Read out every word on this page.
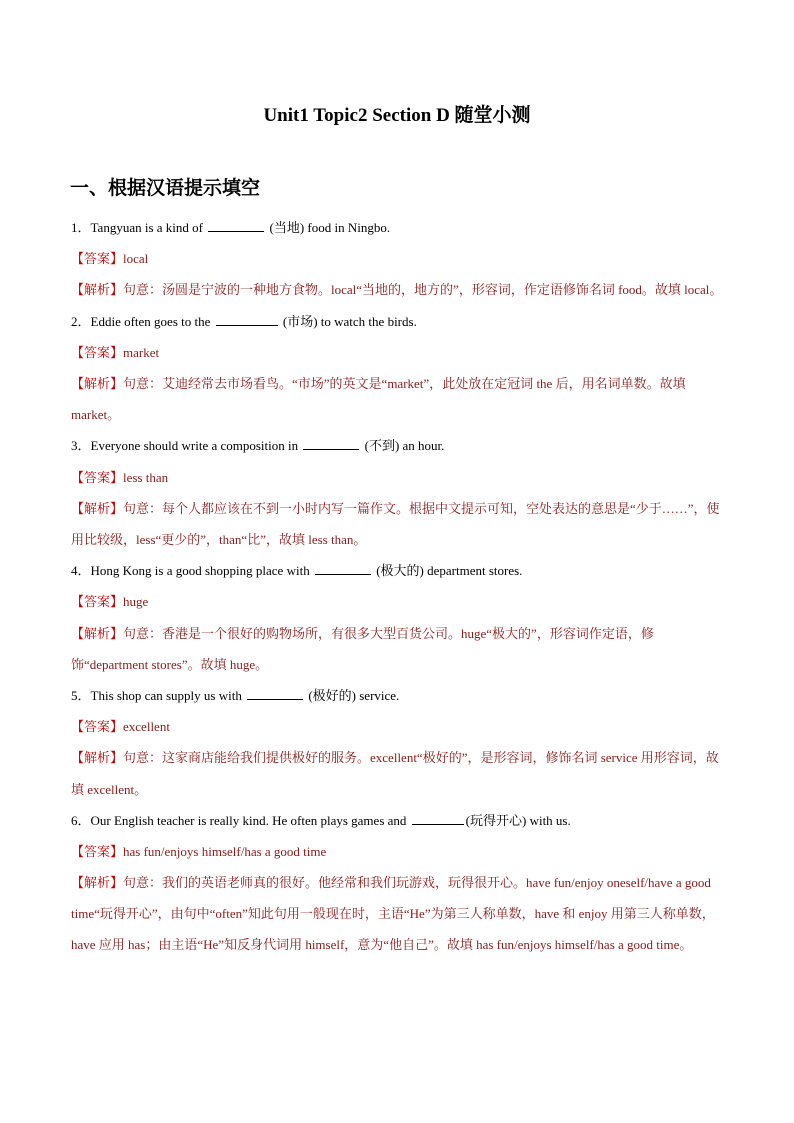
Unit1 Topic2 Section D 随堂小测
一、根据汉语提示填空
1．Tangyuan is a kind of	(当地) food in Ningbo.
【答案】local
【解析】句意：汤圆是宁波的一种地方食物。local“当地的，地方的”，形容词，作定语修饰名词 food。故填 local。
2．Eddie often goes to the	(市场) to watch the birds.
【答案】market
【解析】句意：艾迪经常去市场看鸟。“市场”的英文是“market”，此处放在定冠词 the 后，用名词单数。故填 market。
3．Everyone should write a composition in	(不到) an hour.
【答案】less than
【解析】句意：每个人都应该在不到一小时内写一篇作文。根据中文提示可知，空处表达的意思是“少于……”，使用比较级，less“更少的”，than“比”，故填 less than。
4．Hong Kong is a good shopping place with	(极大的) department stores.
【答案】huge
【解析】句意：香港是一个很好的购物场所，有很多大型百货公司。huge“极大的”，形容词作定语，修饰“department stores”。故填 huge。
5．This shop can supply us with	(极好的) service.
【答案】excellent
【解析】句意：这家商店能给我们提供极好的服务。excellent“极好的”，是形容词，修饰名词 service 用形容词，故填 excellent。
6．Our English teacher is really kind. He often plays games and	(玩得开心) with us.
【答案】has fun/enjoys himself/has a good time
【解析】句意：我们的英语老师真的很好。他经常和我们玩游戏，玩得很开心。have fun/enjoy oneself/have a good time“玩得开心”，由句中“often”知此句用一般现在时，主语“He”为第三人称单数，have 和 enjoy 用第三人称单数，have 应用 has；由主语“He”知反身代词用 himself，意为“他自己”。故填 has fun/enjoys himself/has a good time。
